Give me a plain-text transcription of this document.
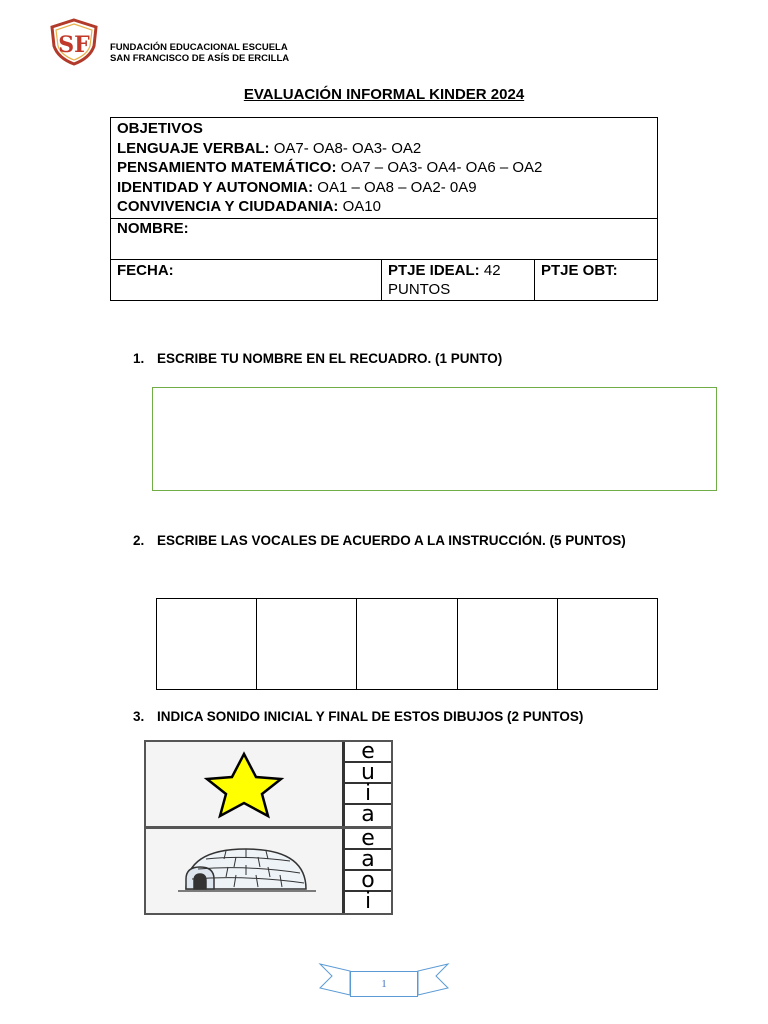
SF FUNDACIÓN EDUCACIONAL ESCUELA
SAN FRANCISCO DE ASÍS DE ERCILLA
EVALUACIÓN INFORMAL KINDER 2024
OBJETIVOS
LENGUAJE VERBAL: OA7- OA8- OA3- OA2
PENSAMIENTO MATEMÁTICO: OA7 – OA3- OA4- OA6 – OA2
IDENTIDAD Y AUTONOMIA: OA1 – OA8 – OA2- 0A9
CONVIVENCIA Y CIUDADANIA: OA10

NOMBRE:
FECHA:	PTJE IDEAL: 42 PUNTOS	PTJE OBT:
1. ESCRIBE TU NOMBRE EN EL RECUADRO. (1 PUNTO)
2. ESCRIBE LAS VOCALES DE ACUERDO A LA INSTRUCCIÓN. (5 PUNTOS)

3. INDICA SONIDO INICIAL Y FINAL DE ESTOS DIBUJOS (2 PUNTOS)
e
u
i
a
e
a
o
i
1
